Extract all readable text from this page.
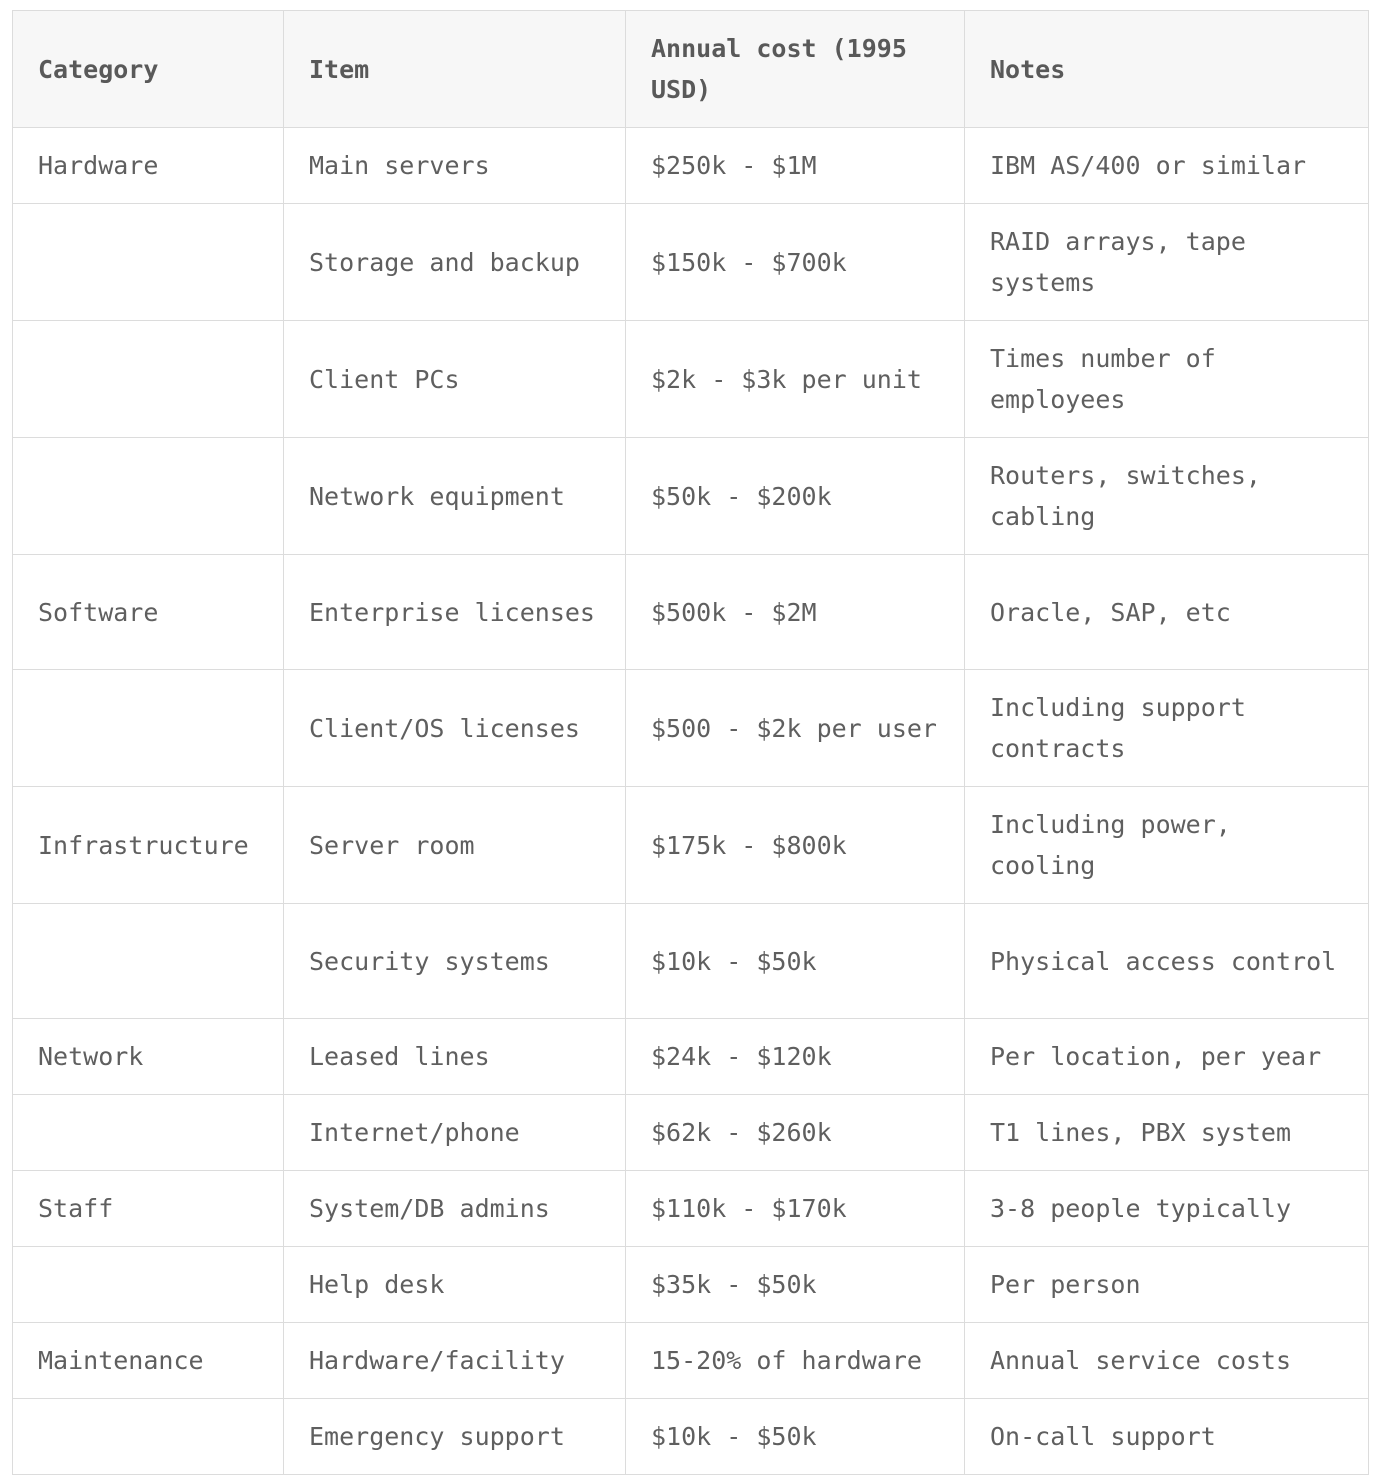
Category	Item	Annual cost (1995 USD)	Notes
Hardware	Main servers	$250k - $1M	IBM AS/400 or similar
	Storage and backup	$150k - $700k	RAID arrays, tape systems
	Client PCs	$2k - $3k per unit	Times number of employees
	Network equipment	$50k - $200k	Routers, switches, cabling
Software	Enterprise licenses	$500k - $2M	Oracle, SAP, etc
	Client/OS licenses	$500 - $2k per user	Including support contracts
Infrastructure	Server room	$175k - $800k	Including power, cooling
	Security systems	$10k - $50k	Physical access control
Network	Leased lines	$24k - $120k	Per location, per year
	Internet/phone	$62k - $260k	T1 lines, PBX system
Staff	System/DB admins	$110k - $170k	3-8 people typically
	Help desk	$35k - $50k	Per person
Maintenance	Hardware/facility	15-20% of hardware	Annual service costs
	Emergency support	$10k - $50k	On-call support
